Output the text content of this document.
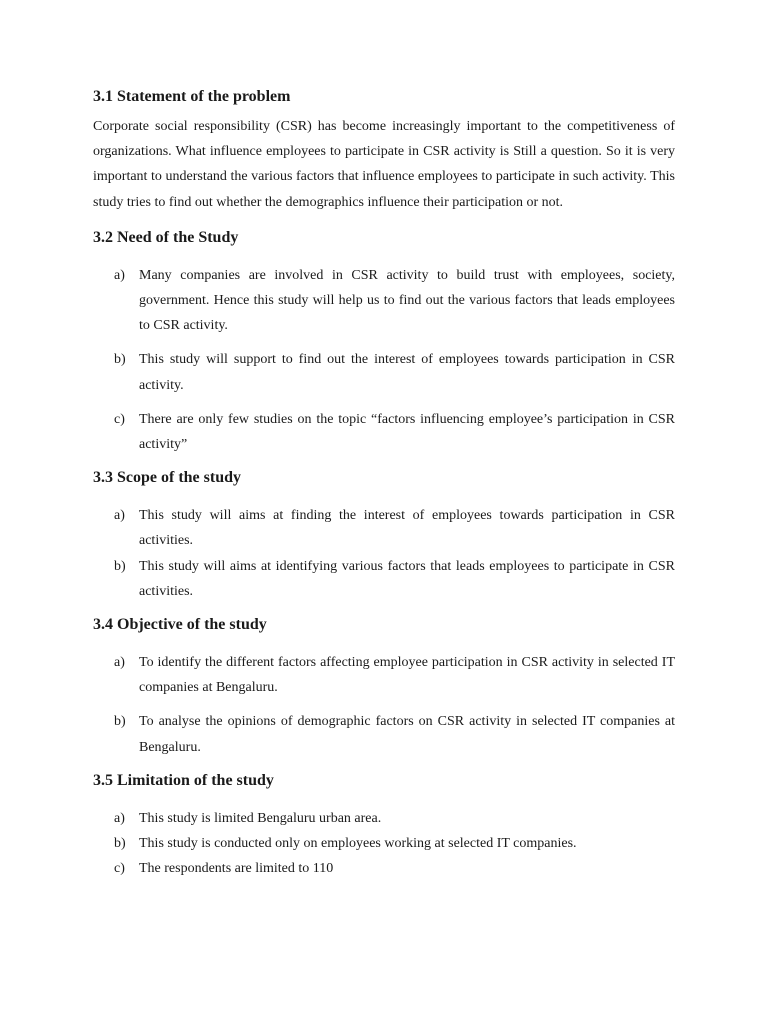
3.1 Statement of the problem

Corporate social responsibility (CSR) has become increasingly important to the competitiveness of organizations. What influence employees to participate in CSR activity is Still a question. So it is very important to understand the various factors that influence employees to participate in such activity. This study tries to find out whether the demographics influence their participation or not.

3.2 Need of the Study
a) Many companies are involved in CSR activity to build trust with employees, society, government. Hence this study will help us to find out the various factors that leads employees to CSR activity.
b) This study will support to find out the interest of employees towards participation in CSR activity.
c) There are only few studies on the topic “factors influencing employee’s participation in CSR activity”
3.3 Scope of the study
a) This study will aims at finding the interest of employees towards participation in CSR activities.
b) This study will aims at identifying various factors that leads employees to participate in CSR activities.
3.4 Objective of the study
a) To identify the different factors affecting employee participation in CSR activity in selected IT companies at Bengaluru.
b) To analyse the opinions of demographic factors on CSR activity in selected IT companies at Bengaluru.
3.5 Limitation of the study
a) This study is limited Bengaluru urban area.
b) This study is conducted only on employees working at selected IT companies.
c) The respondents are limited to 110
